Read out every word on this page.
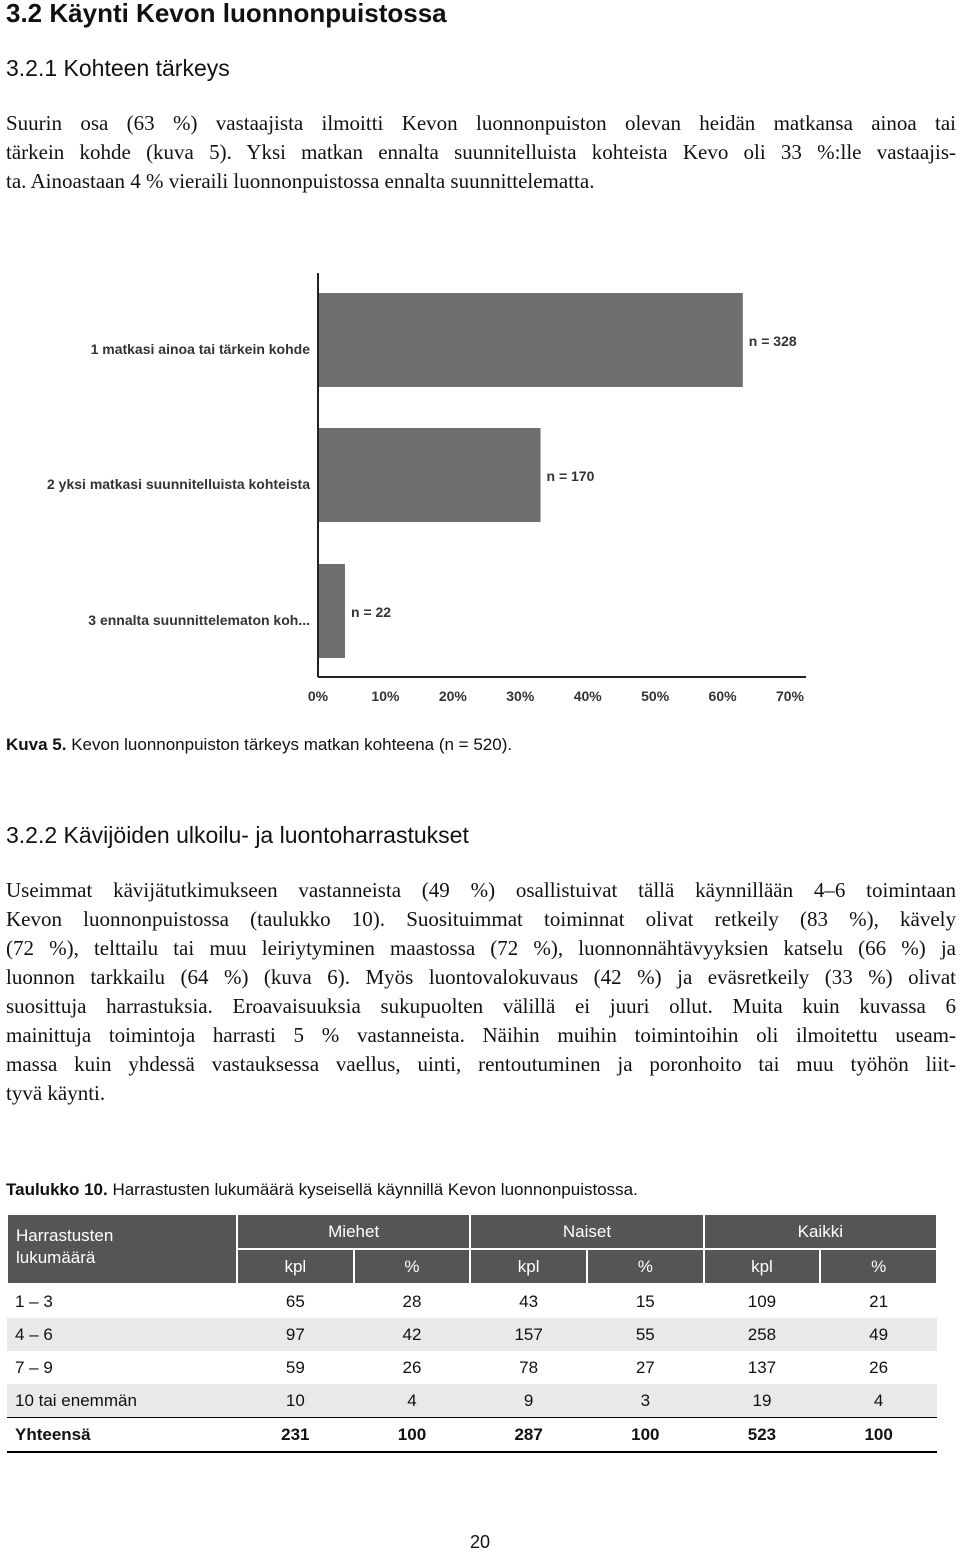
3.2 Käynti Kevon luonnonpuistossa
3.2.1 Kohteen tärkeys
Suurin osa (63 %) vastaajista ilmoitti Kevon luonnonpuiston olevan heidän matkansa ainoa tai
tärkein kohde (kuva 5). Yksi matkan ennalta suunnitelluista kohteista Kevo oli 33 %:lle vastaajis-
ta. Ainoastaan 4 % vieraili luonnonpuistossa ennalta suunnittelematta.
1 matkasi ainoa tai tärkein kohde	n = 328
2 yksi matkasi suunnitelluista kohteista	n = 170
3 ennalta suunnittelematon koh...	n = 22
0%	10%	20%	30%	40%	50%	60%	70%
Kuva 5. Kevon luonnonpuiston tärkeys matkan kohteena (n = 520).
3.2.2 Kävijöiden ulkoilu- ja luontoharrastukset
Useimmat kävijätutkimukseen vastanneista (49 %) osallistuivat tällä käynnillään 4–6 toimintaan
Kevon luonnonpuistossa (taulukko 10). Suosituimmat toiminnat olivat retkeily (83 %), kävely
(72 %), telttailu tai muu leiriytyminen maastossa (72 %), luonnonnähtävyyksien katselu (66 %) ja
luonnon tarkkailu (64 %) (kuva 6). Myös luontovalokuvaus (42 %) ja eväsretkeily (33 %) olivat
suosittuja harrastuksia. Eroavaisuuksia sukupuolten välillä ei juuri ollut. Muita kuin kuvassa 6
mainittuja toimintoja harrasti 5 % vastanneista. Näihin muihin toimintoihin oli ilmoitettu useam-
massa kuin yhdessä vastauksessa vaellus, uinti, rentoutuminen ja poronhoito tai muu työhön liit-
tyvä käynti.
Taulukko 10. Harrastusten lukumäärä kyseisellä käynnillä Kevon luonnonpuistossa.
Harrastusten
lukumäärä	Miehet		Naiset		Kaikki	
	kpl	%	kpl	%	kpl	%
1 – 3	65	28	43	15	109	21
4 – 6	97	42	157	55	258	49
7 – 9	59	26	78	27	137	26
10 tai enemmän	10	4	9	3	19	4
Yhteensä	231	100	287	100	523	100
20
